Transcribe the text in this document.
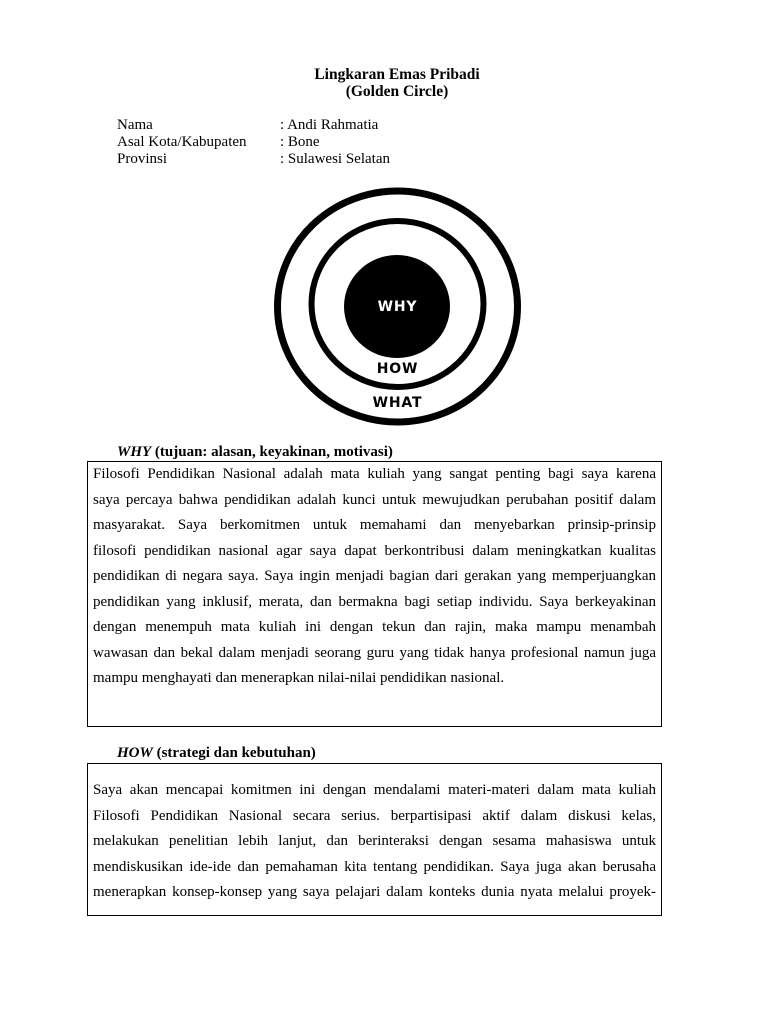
Lingkaran Emas Pribadi
(Golden Circle)
Nama	: Andi Rahmatia
Asal Kota/Kabupaten : Bone
Provinsi	: Sulawesi Selatan
WHY
HOW
WHAT
WHY (tujuan: alasan, keyakinan, motivasi)
Filosofi Pendidikan Nasional adalah mata kuliah yang sangat penting bagi saya karena
saya percaya bahwa pendidikan adalah kunci untuk mewujudkan perubahan positif dalam
masyarakat. Saya berkomitmen untuk memahami dan menyebarkan prinsip-prinsip
filosofi pendidikan nasional agar saya dapat berkontribusi dalam meningkatkan kualitas
pendidikan di negara saya. Saya ingin menjadi bagian dari gerakan yang memperjuangkan
pendidikan yang inklusif, merata, dan bermakna bagi setiap individu. Saya berkeyakinan
dengan menempuh mata kuliah ini dengan tekun dan rajin, maka mampu menambah
wawasan dan bekal dalam menjadi seorang guru yang tidak hanya profesional namun juga
mampu menghayati dan menerapkan nilai-nilai pendidikan nasional.
HOW (strategi dan kebutuhan)
Saya akan mencapai komitmen ini dengan mendalami materi-materi dalam mata kuliah
Filosofi Pendidikan Nasional secara serius. berpartisipasi aktif dalam diskusi kelas,
melakukan penelitian lebih lanjut, dan berinteraksi dengan sesama mahasiswa untuk
mendiskusikan ide-ide dan pemahaman kita tentang pendidikan. Saya juga akan berusaha
menerapkan konsep-konsep yang saya pelajari dalam konteks dunia nyata melalui proyek-
